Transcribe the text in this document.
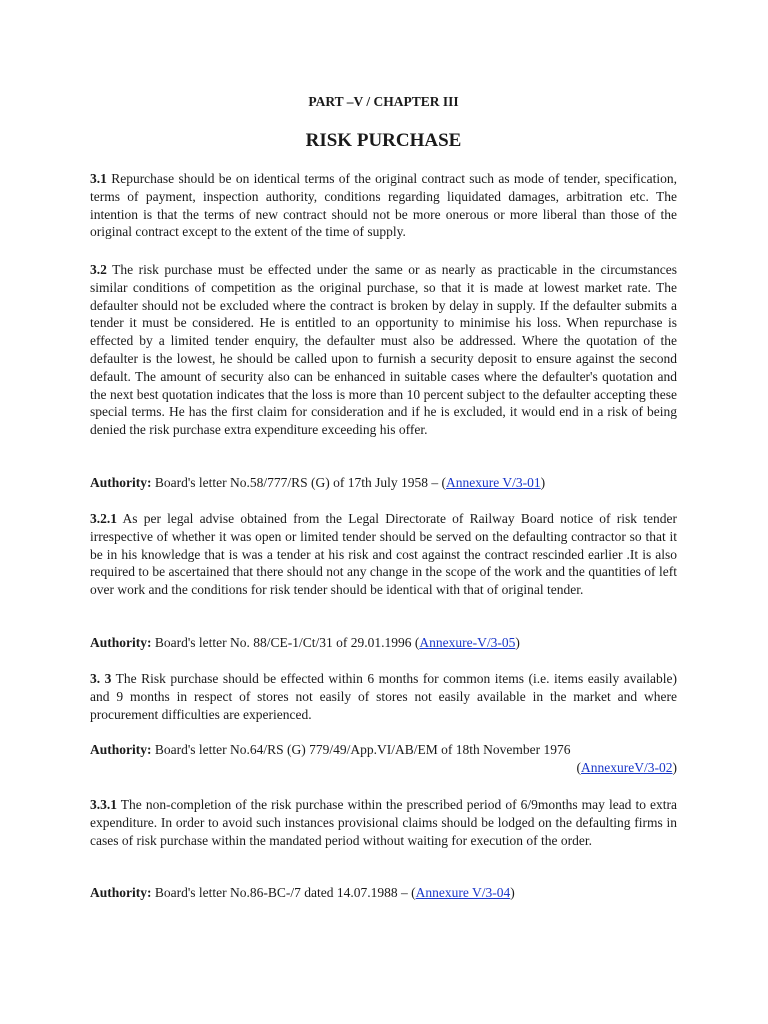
PART –V / CHAPTER III
RISK PURCHASE

3.1 Repurchase should be on identical terms of the original contract such as mode of tender, specification, terms of payment, inspection authority, conditions regarding liquidated damages, arbitration etc. The intention is that the terms of new contract should not be more onerous or more liberal than those of the original contract except to the extent of the time of supply.

3.2 The risk purchase must be effected under the same or as nearly as practicable in the circumstances similar conditions of competition as the original purchase, so that it is made at lowest market rate. The defaulter should not be excluded where the contract is broken by delay in supply. If the defaulter submits a tender it must be considered. He is entitled to an opportunity to minimise his loss. When repurchase is effected by a limited tender enquiry, the defaulter must also be addressed. Where the quotation of the defaulter is the lowest, he should be called upon to furnish a security deposit to ensure against the second default. The amount of security also can be enhanced in suitable cases where the defaulter's quotation and the next best quotation indicates that the loss is more than 10 percent subject to the defaulter accepting these special terms. He has the first claim for consideration and if he is excluded, it would end in a risk of being denied the risk purchase extra expenditure exceeding his offer.

Authority: Board's letter No.58/777/RS (G) of 17th July 1958 – (Annexure V/3-01)

3.2.1 As per legal advise obtained from the Legal Directorate of Railway Board notice of risk tender irrespective of whether it was open or limited tender should be served on the defaulting contractor so that it be in his knowledge that is was a tender at his risk and cost against the contract rescinded earlier .It is also required to be ascertained that there should not any change in the scope of the work and the quantities of left over work and the conditions for risk tender should be identical with that of original tender.

Authority: Board's letter No. 88/CE-1/Ct/31 of 29.01.1996 (Annexure-V/3-05)

3. 3 The Risk purchase should be effected within 6 months for common items (i.e. items easily available) and 9 months in respect of stores not easily of stores not easily available in the market and where procurement difficulties are experienced.

Authority: Board's letter No.64/RS (G) 779/49/App.VI/AB/EM of 18th November 1976
(AnnexureV/3-02)

3.3.1 The non-completion of the risk purchase within the prescribed period of 6/9months may lead to extra expenditure. In order to avoid such instances provisional claims should be lodged on the defaulting firms in cases of risk purchase within the mandated period without waiting for execution of the order.

Authority: Board's letter No.86-BC-/7 dated 14.07.1988 – (Annexure V/3-04)
